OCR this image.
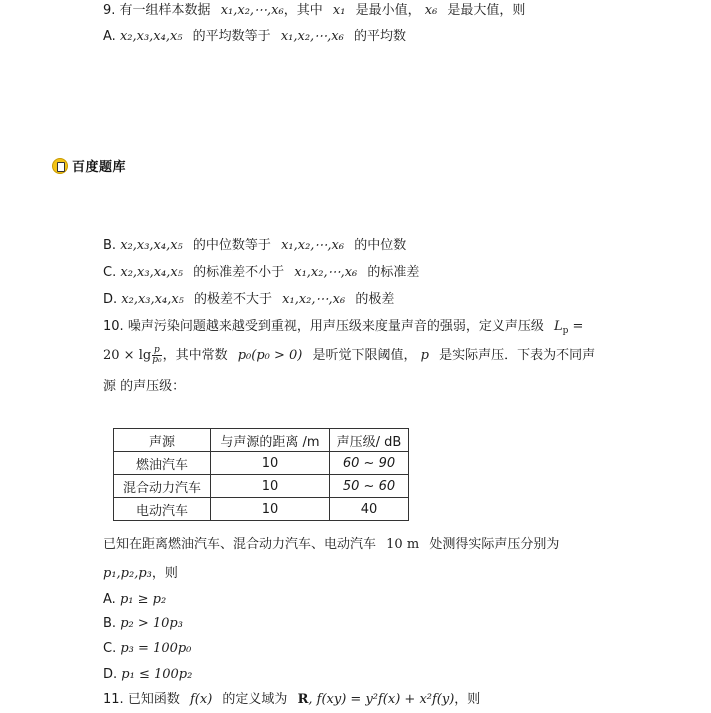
9. 有一组样本数据 x₁,x₂,⋯,x₆，其中 x₁ 是最小值， x₆ 是最大值，则
A. x₂,x₃,x₄,x₅ 的平均数等于 x₁,x₂,⋯,x₆ 的平均数
百度题库
B. x₂,x₃,x₄,x₅ 的中位数等于 x₁,x₂,⋯,x₆ 的中位数
C. x₂,x₃,x₄,x₅ 的标准差不小于 x₁,x₂,⋯,x₆ 的标准差
D. x₂,x₃,x₄,x₅ 的极差不大于 x₁,x₂,⋯,x₆ 的极差
10. 噪声污染问题越来越受到重视，用声压级来度量声音的强弱，定义声压级 $L_p$ =
$20 \times \lg \frac{p}{\text{p₀}}$ ，其中常数 p₀(p₀ > 0) 是听觉下限阈值， p 是实际声压．下表为不同声
源 的声压级：
声源	与声源的距离 /m	声压级/ dB
燃油汽车	10	60 ~ 90
混合动力汽车	10	50 ~ 60
电动汽车	10	40
已知在距离燃油汽车、混合动力汽车、电动汽车 10 m 处测得实际声压分别为
p₁,p₂,p₃，则
A. p₁ ≥ p₂
B. p₂ > 10p₃
C. p₃ = 100p₀
D. p₁ ≤ 100p₂
11. 已知函数 f(x) 的定义域为 R, f(xy) = y²f(x) + x²f(y)，则
